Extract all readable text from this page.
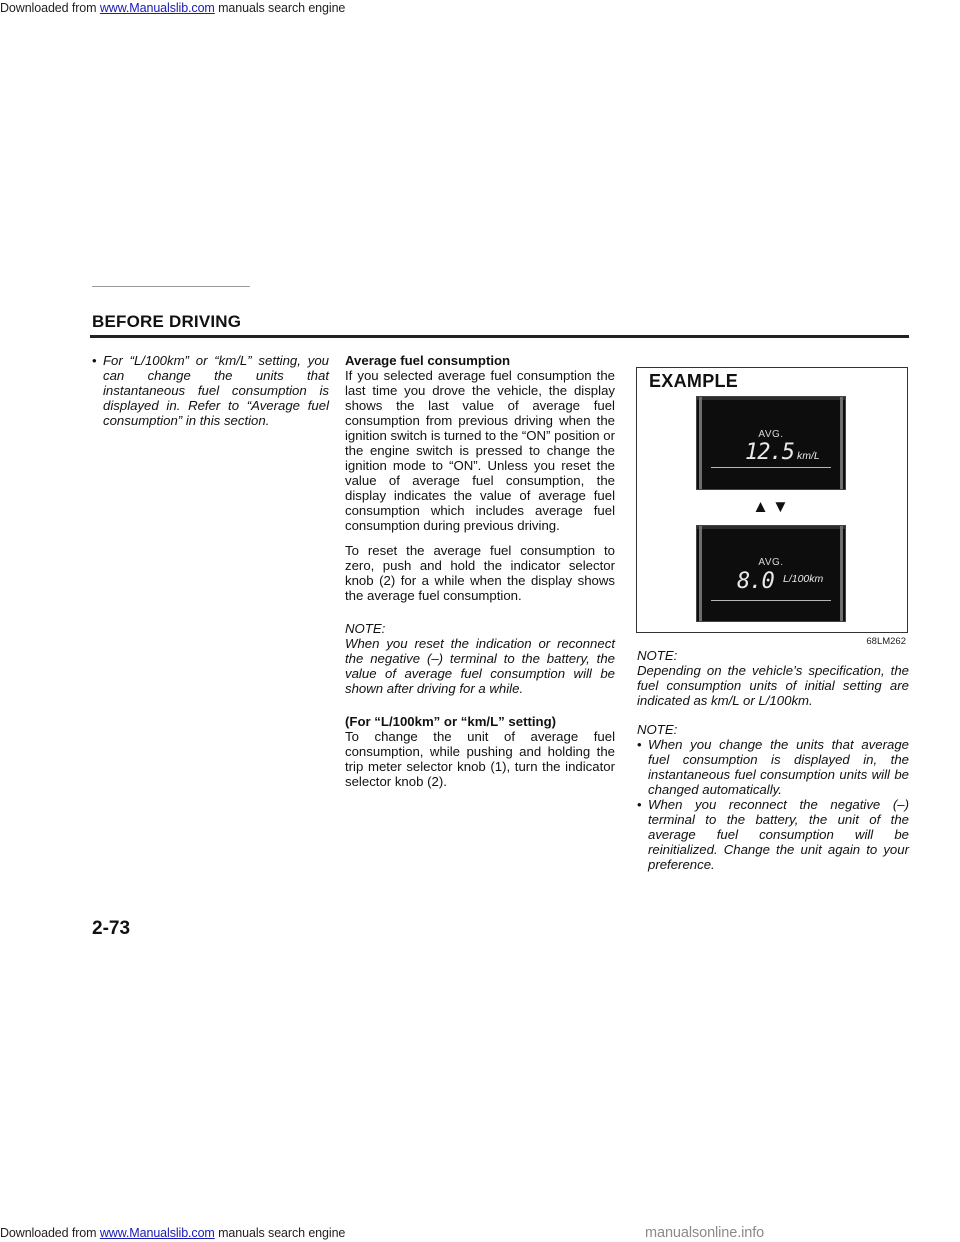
Downloaded from www.Manualslib.com manuals search engine
BEFORE DRIVING

• For “L/100km” or “km/L” setting, you can change the units that instantaneous fuel consumption is displayed in. Refer to “Average fuel consumption” in this section.

Average fuel consumption

If you selected average fuel consumption the last time you drove the vehicle, the display shows the last value of average fuel consumption from previous driving when the ignition switch is turned to the “ON” position or the engine switch is pressed to change the ignition mode to “ON”. Unless you reset the value of average fuel consumption, the display indicates the value of average fuel consumption which includes average fuel consumption during previous driving.

To reset the average fuel consumption to zero, push and hold the indicator selector knob (2) for a while when the display shows the average fuel consumption.

NOTE:

When you reset the indication or reconnect the negative (–) terminal to the battery, the value of average fuel consumption will be shown after driving for a while.

(For “L/100km” or “km/L” setting)

To change the unit of average fuel consumption, while pushing and holding the trip meter selector knob (1), turn the indicator selector knob (2).

EXAMPLE

AVG.
12.5 km/L
▲▼
AVG.
8.0 L/100km
68LM262

NOTE:

Depending on the vehicle’s specification, the fuel consumption units of initial setting are indicated as km/L or L/100km.

NOTE:

• When you change the units that average fuel consumption is displayed in, the instantaneous fuel consumption units will be changed automatically.

• When you reconnect the negative (–) terminal to the battery, the unit of the average fuel consumption will be reinitialized. Change the unit again to your preference.

2-73

Downloaded from www.Manualslib.com manuals search engine	manualsonline.info
